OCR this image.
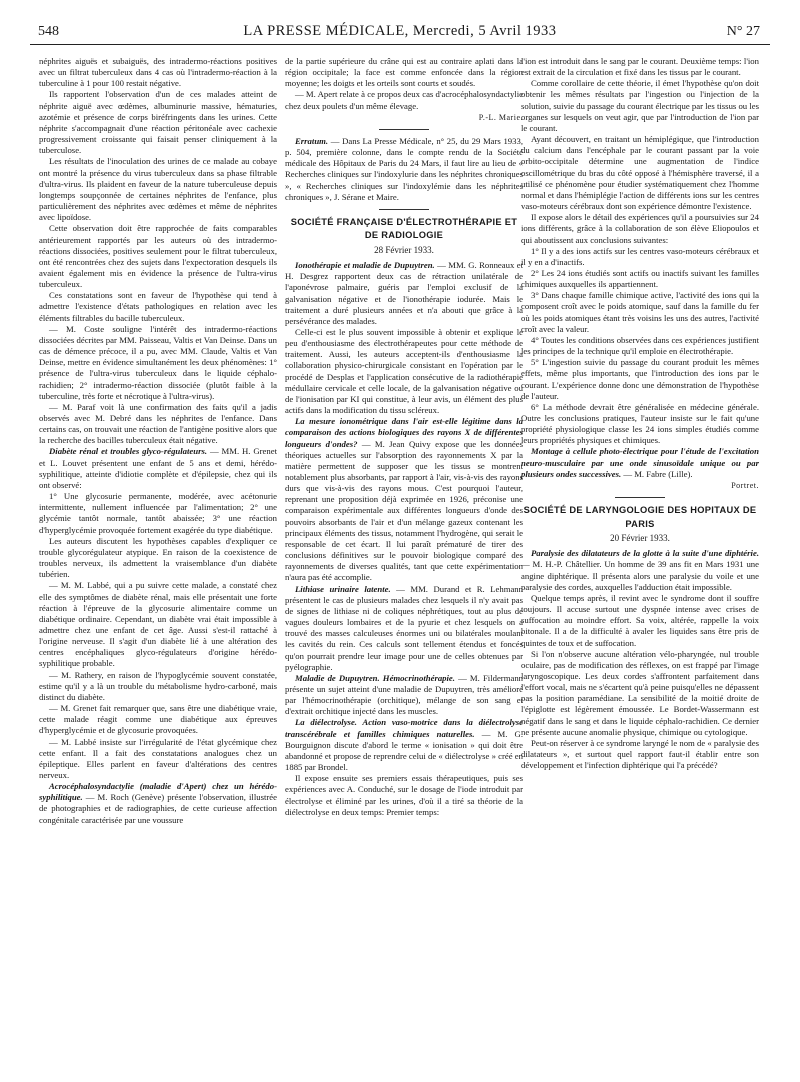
548	LA PRESSE MÉDICALE, Mercredi, 5 Avril 1933	N° 27

néphrites aiguës et subaiguës, des intradermo-réactions positives avec un filtrat tuberculeux dans 4 cas où l'intradermo-réaction à la tuberculine à 1 pour 100 restait négative.

Ils rapportent l'observation d'un de ces malades atteint de néphrite aiguë avec œdèmes, albuminurie massive, hématuries, azotémie et présence de corps biréfringents dans les urines. Cette néphrite s'accompagnait d'une réaction péritonéale avec cachexie progressivement croissante qui faisait penser cliniquement à la tuberculose.

Les résultats de l'inoculation des urines de ce malade au cobaye ont montré la présence du virus tuberculeux dans sa phase filtrable d'ultra-virus. Ils plaident en faveur de la nature tuberculeuse depuis longtemps soupçonnée de certaines néphrites de l'enfance, plus particulièrement des néphrites avec œdèmes et même de néphrites avec lipoïdose.

Cette observation doit être rapprochée de faits comparables antérieurement rapportés par les auteurs où des intradermo-réactions dissociées, positives seulement pour le filtrat tuberculeux, ont été rencontrées chez des sujets dans l'expectoration desquels ils avaient également mis en évidence la présence de l'ultra-virus tuberculeux.

Ces constatations sont en faveur de l'hypothèse qui tend à admettre l'existence d'états pathologiques en relation avec les éléments filtrables du bacille tuberculeux.

— M. Coste souligne l'intérêt des intradermo-réactions dissociées décrites par MM. Paisseau, Valtis et Van Deinse. Dans un cas de démence précoce, il a pu, avec MM. Claude, Valtis et Van Deinse, mettre en évidence simultanément les deux phénomènes: 1° présence de l'ultra-virus tuberculeux dans le liquide céphalo-rachidien; 2° intradermo-réaction dissociée (plutôt faible à la tuberculine, très forte et nécrotique à l'ultra-virus).

— M. Paraf voit là une confirmation des faits qu'il a jadis observés avec M. Debré dans les néphrites de l'enfance. Dans certains cas, on trouvait une réaction de l'antigène positive alors que la recherche des bacilles tuberculeux était négative.

Diabète rénal et troubles glyco-régulateurs. — MM. H. Grenet et L. Louvet présentent une enfant de 5 ans et demi, hérédo-syphilitique, atteinte d'idiotie complète et d'épilepsie, chez qui ils ont observé:

1° Une glycosurie permanente, modérée, avec acétonurie intermittente, nullement influencée par l'alimentation; 2° une glycémie tantôt normale, tantôt abaissée; 3° une réaction d'hyperglycémie provoquée fortement exagérée du type diabétique.

Les auteurs discutent les hypothèses capables d'expliquer ce trouble glycorégulateur atypique. En raison de la coexistence de troubles nerveux, ils admettent la vraisemblance d'un diabète tubérien.

— M. M. Labbé, qui a pu suivre cette malade, a constaté chez elle des symptômes de diabète rénal, mais elle présentait une forte réaction à l'épreuve de la glycosurie alimentaire comme un diabétique ordinaire. Cependant, un diabète vrai était impossible à admettre chez une enfant de cet âge. Aussi s'est-il rattaché à l'origine nerveuse. Il s'agit d'un diabète lié à une altération des centres encéphaliques glyco-régulateurs d'origine hérédo-syphilitique probable.

— M. Rathery, en raison de l'hypoglycémie souvent constatée, estime qu'il y a là un trouble du métabolisme hydro-carboné, mais distinct du diabète.

— M. Grenet fait remarquer que, sans être une diabétique vraie, cette malade réagit comme une diabétique aux épreuves d'hyperglycémie et de glycosurie provoquées.

— M. Labbé insiste sur l'irrégularité de l'état glycémique chez cette enfant. Il a fait des constatations analogues chez un épileptique. Elles parlent en faveur d'altérations des centres nerveux.

Acrocéphalosyndactylie (maladie d'Apert) chez un hérédo-syphilitique. — M. Roch (Genève) présente l'observation, illustrée de photographies et de radiographies, de cette curieuse affection congénitale caractérisée par une voussure

de la partie supérieure du crâne qui est au contraire aplati dans la région occipitale; la face est comme enfoncée dans la région moyenne; les doigts et les orteils sont courts et soudés.

— M. Apert relate à ce propos deux cas d'acrocéphalosyndactylie chez deux poulets d'un même élevage.

P.-L. Marie.

Erratum. — Dans La Presse Médicale, n° 25, du 29 Mars 1933, p. 504, première colonne, dans le compte rendu de la Société médicale des Hôpitaux de Paris du 24 Mars, il faut lire au lieu de « Recherches cliniques sur l'indoxylurie dans les néphrites chroniques », « Recherches cliniques sur l'indoxylémie dans les néphrites chroniques », J. Sérane et Maire.

SOCIÉTÉ FRANÇAISE D'ÉLECTROTHÉRAPIE ET DE RADIOLOGIE
28 Février 1933.

Ionothérapie et maladie de Dupuytren. — MM. G. Ronneaux et H. Desgrez rapportent deux cas de rétraction unilatérale de l'aponévrose palmaire, guéris par l'emploi exclusif de la galvanisation négative et de l'ionothérapie iodurée. Mais le traitement a duré plusieurs années et n'a abouti que grâce à la persévérance des malades.

Celle-ci est le plus souvent impossible à obtenir et explique le peu d'enthousiasme des électrothérapeutes pour cette méthode de traitement. Aussi, les auteurs acceptent-ils d'enthousiasme la collaboration physico-chirurgicale consistant en l'opération par le procédé de Desplas et l'application consécutive de la radiothérapie médullaire cervicale et celle locale, de la galvanisation négative ou de l'ionisation par KI qui constitue, à leur avis, un élément des plus actifs dans la modification du tissu scléreux.

La mesure ionométrique dans l'air est-elle légitime dans la comparaison des actions biologiques des rayons X de différentes longueurs d'ondes? — M. Jean Quivy expose que les données théoriques actuelles sur l'absorption des rayonnements X par la matière permettent de supposer que les tissus se montrent notablement plus absorbants, par rapport à l'air, vis-à-vis des rayons durs que vis-à-vis des rayons mous. C'est pourquoi l'auteur, reprenant une proposition déjà exprimée en 1926, préconise une comparaison expérimentale aux différentes longueurs d'onde des pouvoirs absorbants de l'air et d'un mélange gazeux contenant les principaux éléments des tissus, notamment l'hydrogène, qui serait le responsable de cet écart. Il lui paraît prématuré de tirer des conclusions définitives sur le pouvoir biologique comparé des rayonnements de diverses qualités, tant que cette expérimentation n'aura pas été accomplie.

Lithiase urinaire latente. — MM. Durand et R. Lehmann présentent le cas de plusieurs malades chez lesquels il n'y avait pas de signes de lithiase ni de coliques néphrétiques, tout au plus de vagues douleurs lombaires et de la pyurie et chez lesquels on a trouvé des masses calculeuses énormes uni ou bilatérales moulant les cavités du rein. Ces calculs sont tellement étendus et foncés qu'on pourrait prendre leur image pour une de celles obtenues par pyélographie.

Maladie de Dupuytren. Hémocrinothérapie. — M. Fildermann présente un sujet atteint d'une maladie de Dupuytren, très amélioré par l'hémocrinothérapie (orchitique), mélange de son sang et d'extrait orchitique injecté dans les muscles.

La diélectrolyse. Action vaso-motrice dans la diélectrolyse transcérébrale et familles chimiques naturelles. — M. G. Bourguignon discute d'abord le terme « ionisation » qui doit être abandonné et propose de reprendre celui de « diélectrolyse » créé en 1885 par Brondel.

Il expose ensuite ses premiers essais thérapeutiques, puis ses expériences avec A. Conduché, sur le dosage de l'iode introduit par électrolyse et éliminé par les urines, d'où il a tiré sa théorie de la diélectrolyse en deux temps: Premier temps:

l'ion est introduit dans le sang par le courant. Deuxième temps: l'ion est extrait de la circulation et fixé dans les tissus par le courant.

Comme corollaire de cette théorie, il émet l'hypothèse qu'on doit obtenir les mêmes résultats par l'ingestion ou l'injection de la solution, suivie du passage du courant électrique par les tissus ou les organes sur lesquels on veut agir, que par l'introduction de l'ion par le courant.

Ayant découvert, en traitant un hémiplégique, que l'introduction du calcium dans l'encéphale par le courant passant par la voie orbito-occipitale détermine une augmentation de l'indice oscillométrique du bras du côté opposé à l'hémisphère traversé, il a utilisé ce phénomène pour étudier systématiquement chez l'homme normal et dans l'hémiplégie l'action de différents ions sur les centres vaso-moteurs cérébraux dont son expérience démontre l'existence.

Il expose alors le détail des expériences qu'il a poursuivies sur 24 ions différents, grâce à la collaboration de son élève Eliopoulos et qui aboutissent aux conclusions suivantes:

1° Il y a des ions actifs sur les centres vaso-moteurs cérébraux et il y en a d'inactifs.

2° Les 24 ions étudiés sont actifs ou inactifs suivant les familles chimiques auxquelles ils appartiennent.

3° Dans chaque famille chimique active, l'activité des ions qui la composent croît avec le poids atomique, sauf dans la famille du fer où les poids atomiques étant très voisins les uns des autres, l'activité croît avec la valeur.

4° Toutes les conditions observées dans ces expériences justifient les principes de la technique qu'il emploie en électrothérapie.

5° L'ingestion suivie du passage du courant produit les mêmes effets, même plus importants, que l'introduction des ions par le courant. L'expérience donne donc une démonstration de l'hypothèse de l'auteur.

6° La méthode devrait être généralisée en médecine générale. Outre les conclusions pratiques, l'auteur insiste sur le fait qu'une propriété physiologique classe les 24 ions simples étudiés comme leurs propriétés physiques et chimiques.

Montage à cellule photo-électrique pour l'étude de l'excitation neuro-musculaire par une onde sinusoïdale unique ou par plusieurs ondes successives. — M. Fabre (Lille).

Portret.

SOCIÉTÉ DE LARYNGOLOGIE DES HOPITAUX DE PARIS
20 Février 1933.

Paralysie des dilatateurs de la glotte à la suite d'une diphtérie. — M. H.-P. Châtellier. Un homme de 39 ans fit en Mars 1931 une angine diphtérique. Il présenta alors une paralysie du voile et une paralysie des cordes, auxquelles l'adduction était impossible.

Quelque temps après, il revint avec le syndrome dont il souffre toujours. Il accuse surtout une dyspnée intense avec crises de suffocation au moindre effort. Sa voix, altérée, rappelle la voix bitonale. Il a de la difficulté à avaler les liquides sans être pris de quintes de toux et de suffocation.

Si l'on n'observe aucune altération vélo-pharyngée, nul trouble oculaire, pas de modification des réflexes, on est frappé par l'image laryngoscopique. Les deux cordes s'affrontent parfaitement dans l'effort vocal, mais ne s'écartent qu'à peine puisqu'elles ne dépassent pas la position paramédiane. La sensibilité de la moitié droite de l'épiglotte est légèrement émoussée. Le Bordet-Wassermann est négatif dans le sang et dans le liquide céphalo-rachidien. Ce dernier ne présente aucune anomalie physique, chimique ou cytologique.

Peut-on réserver à ce syndrome laryngé le nom de « paralysie des dilatateurs », et surtout quel rapport faut-il établir entre son développement et l'infection diphtérique qui l'a précédé?
